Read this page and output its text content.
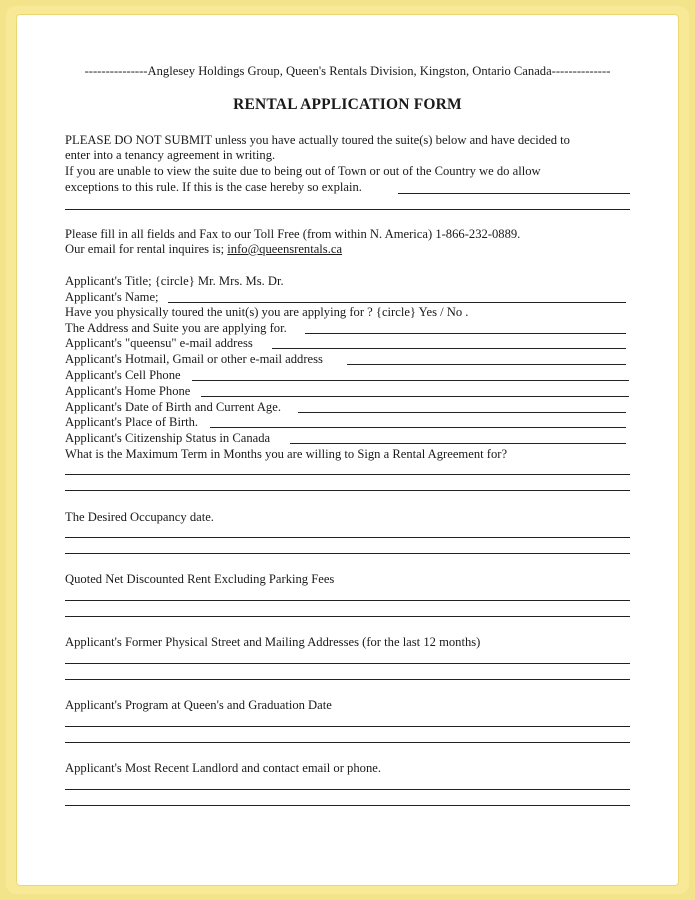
---------------Anglesey Holdings Group, Queen's Rentals Division, Kingston, Ontario Canada--------------
RENTAL APPLICATION FORM
PLEASE DO NOT SUBMIT unless you have actually toured the suite(s) below and have decided to
enter into a tenancy agreement in writing.
If you are unable to view the suite due to being out of Town or out of the Country we do allow
exceptions to this rule. If this is the case hereby so explain.
Please fill in all fields and Fax to our Toll Free (from within N. America) 1-866-232-0889.
Our email for rental inquires is; info@queensrentals.ca
Applicant's Title; {circle} Mr. Mrs. Ms. Dr.
Applicant's Name;
Have you physically toured the unit(s) you are applying for ? {circle} Yes / No .
The Address and Suite you are applying for.
Applicant's "queensu" e-mail address
Applicant's Hotmail, Gmail or other e-mail address
Applicant's Cell Phone
Applicant's Home Phone
Applicant's Date of Birth and Current Age.
Applicant's Place of Birth.
Applicant's Citizenship Status in Canada
What is the Maximum Term in Months you are willing to Sign a Rental Agreement for?
The Desired Occupancy date.
Quoted Net Discounted Rent Excluding Parking Fees
Applicant's Former Physical Street and Mailing Addresses (for the last 12 months)
Applicant's Program at Queen's and Graduation Date
Applicant's Most Recent Landlord and contact email or phone.
